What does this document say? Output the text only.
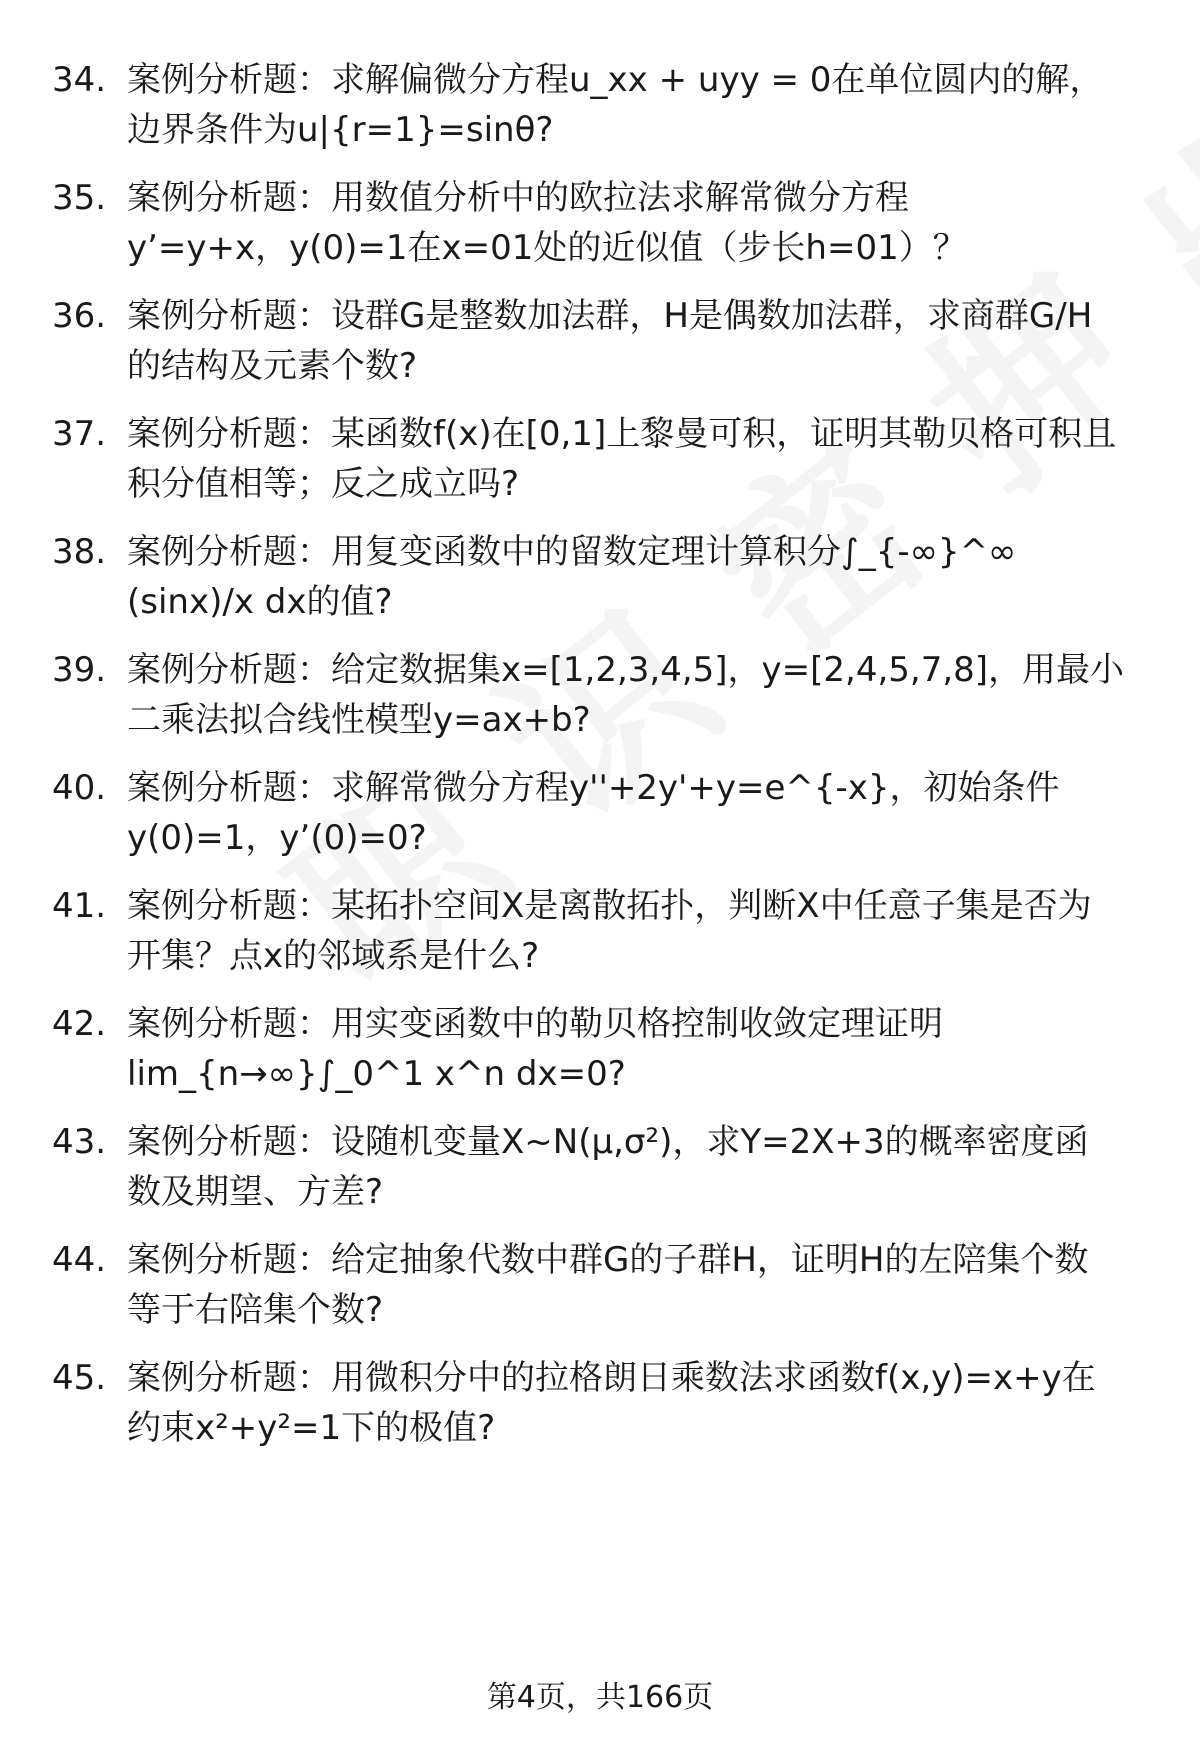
34. 案例分析题：求解偏微分方程u_xx + uyy = 0在单位圆内的解，
边界条件为u|{r=1}=sinθ?
35. 案例分析题：用数值分析中的欧拉法求解常微分方程
y’=y+x，y(0)=1在x=01处的近似值（步长h=01）？
36. 案例分析题：设群G是整数加法群，H是偶数加法群，求商群G/H
的结构及元素个数?
37. 案例分析题：某函数f(x)在[0,1]上黎曼可积，证明其勒贝格可积且
积分值相等；反之成立吗?
38. 案例分析题：用复变函数中的留数定理计算积分∫_{-∞}^∞
(sinx)/x dx的值?
39. 案例分析题：给定数据集x=[1,2,3,4,5]，y=[2,4,5,7,8]，用最小
二乘法拟合线性模型y=ax+b?
40. 案例分析题：求解常微分方程y''+2y'+y=e^{-x}，初始条件
y(0)=1，y’(0)=0?
41. 案例分析题：某拓扑空间X是离散拓扑，判断X中任意子集是否为
开集？点x的邻域系是什么?
42. 案例分析题：用实变函数中的勒贝格控制收敛定理证明
lim_{n→∞}∫_0^1 x^n dx=0?
43. 案例分析题：设随机变量X~N(μ,σ²)，求Y=2X+3的概率密度函
数及期望、方差?
44. 案例分析题：给定抽象代数中群G的子群H，证明H的左陪集个数
等于右陪集个数?
45. 案例分析题：用微积分中的拉格朗日乘数法求函数f(x,y)=x+y在
约束x²+y²=1下的极值?
第4页，共166页
